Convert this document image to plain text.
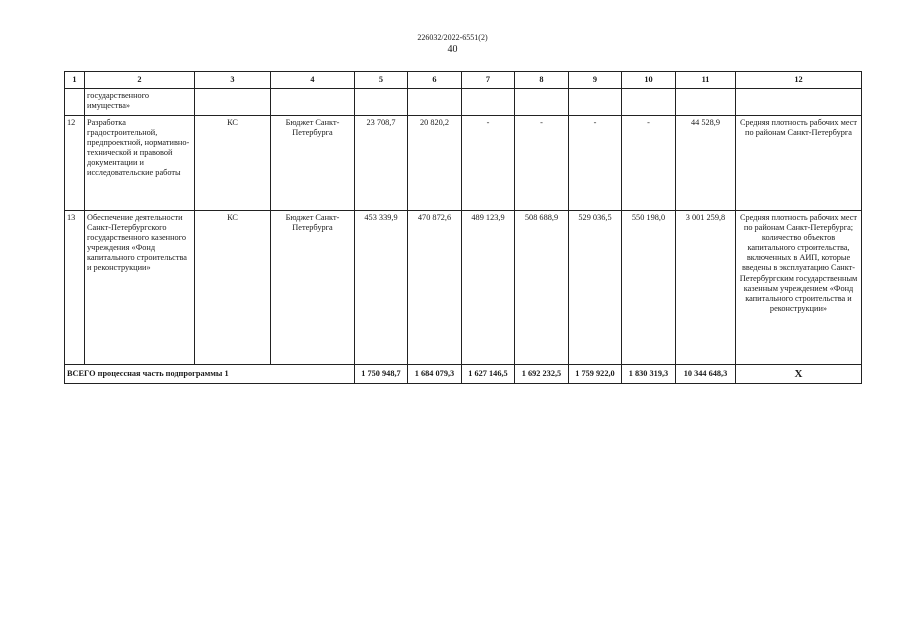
226032/2022-6551(2)
40
1	2	3	4	5	6	7	8	9	10	11	12
	государственного имущества»										
12	Разработка градостроительной, предпроектной, нормативно-технической и правовой документации и исследовательские работы	КС	Бюджет Санкт-Петербурга	23 708,7	20 820,2	-	-	-	-	44 528,9	Средняя плотность рабочих мест по районам Санкт-Петербурга
13	Обеспечение деятельности Санкт-Петербургского государственного казенного учреждения «Фонд капитального строительства и реконструкции»	КС	Бюджет Санкт-Петербурга	453 339,9	470 872,6	489 123,9	508 688,9	529 036,5	550 198,0	3 001 259,8	Средняя плотность рабочих мест по районам Санкт-Петербурга; количество объектов капитального строительства, включенных в АИП, которые введены в эксплуатацию Санкт-Петербургским государственным казенным учреждением «Фонд капитального строительства и реконструкции»
ВСЕГО процессная часть подпрограммы 1				1 750 948,7	1 684 079,3	1 627 146,5	1 692 232,5	1 759 922,0	1 830 319,3	10 344 648,3	Х
